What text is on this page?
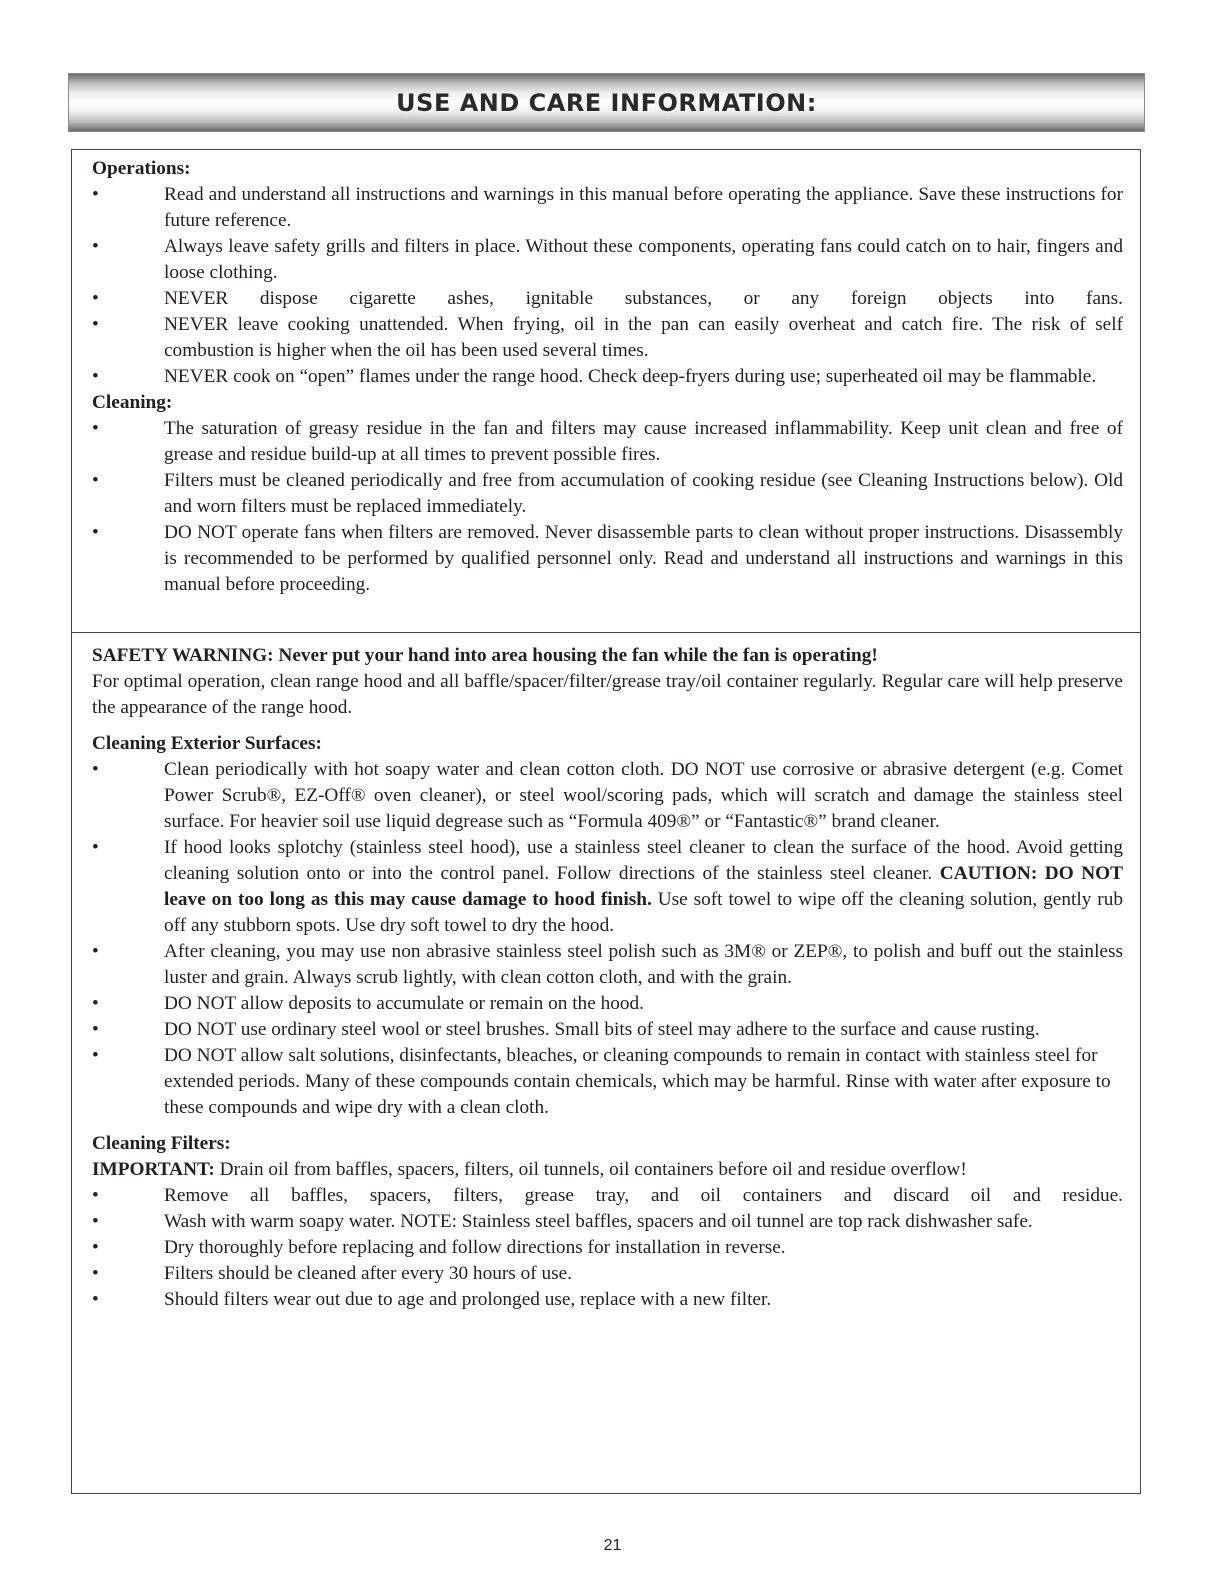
USE AND CARE INFORMATION:
Operations:
•	Read and understand all instructions and warnings in this manual before operating the appliance. Save these instructions for future reference.
•	Always leave safety grills and filters in place. Without these components, operating fans could catch on to hair, fingers and loose clothing.
•	NEVER dispose cigarette ashes, ignitable substances, or any foreign objects into fans.
•	NEVER leave cooking unattended. When frying, oil in the pan can easily overheat and catch fire. The risk of self combustion is higher when the oil has been used several times.
•	NEVER cook on “open” flames under the range hood. Check deep-fryers during use; superheated oil may be flammable.
Cleaning:
•	The saturation of greasy residue in the fan and filters may cause increased inflammability. Keep unit clean and free of grease and residue build-up at all times to prevent possible fires.
•	Filters must be cleaned periodically and free from accumulation of cooking residue (see Cleaning Instructions below). Old and worn filters must be replaced immediately.
•	DO NOT operate fans when filters are removed. Never disassemble parts to clean without proper instructions. Disassembly is recommended to be performed by qualified personnel only. Read and understand all instructions and warnings in this manual before proceeding.
SAFETY WARNING: Never put your hand into area housing the fan while the fan is operating!
For optimal operation, clean range hood and all baffle/spacer/filter/grease tray/oil container regularly. Regular care will help preserve the appearance of the range hood.
Cleaning Exterior Surfaces:
•	Clean periodically with hot soapy water and clean cotton cloth. DO NOT use corrosive or abrasive detergent (e.g. Comet Power Scrub®, EZ-Off® oven cleaner), or steel wool/scoring pads, which will scratch and damage the stainless steel surface. For heavier soil use liquid degrease such as “Formula 409®” or “Fantastic®” brand cleaner.
•	If hood looks splotchy (stainless steel hood), use a stainless steel cleaner to clean the surface of the hood. Avoid getting cleaning solution onto or into the control panel. Follow directions of the stainless steel cleaner. CAUTION: DO NOT leave on too long as this may cause damage to hood finish. Use soft towel to wipe off the cleaning solution, gently rub off any stubborn spots. Use dry soft towel to dry the hood.
•	After cleaning, you may use non abrasive stainless steel polish such as 3M® or ZEP®, to polish and buff out the stainless luster and grain. Always scrub lightly, with clean cotton cloth, and with the grain.
•	DO NOT allow deposits to accumulate or remain on the hood.
•	DO NOT use ordinary steel wool or steel brushes. Small bits of steel may adhere to the surface and cause rusting.
•	DO NOT allow salt solutions, disinfectants, bleaches, or cleaning compounds to remain in contact with stainless steel for extended periods. Many of these compounds contain chemicals, which may be harmful. Rinse with water after exposure to these compounds and wipe dry with a clean cloth.
Cleaning Filters:
IMPORTANT: Drain oil from baffles, spacers, filters, oil tunnels, oil containers before oil and residue overflow!
•	Remove all baffles, spacers, filters, grease tray, and oil containers and discard oil and residue.
•	Wash with warm soapy water. NOTE: Stainless steel baffles, spacers and oil tunnel are top rack dishwasher safe.
•	Dry thoroughly before replacing and follow directions for installation in reverse.
•	Filters should be cleaned after every 30 hours of use.
•	Should filters wear out due to age and prolonged use, replace with a new filter.
21
